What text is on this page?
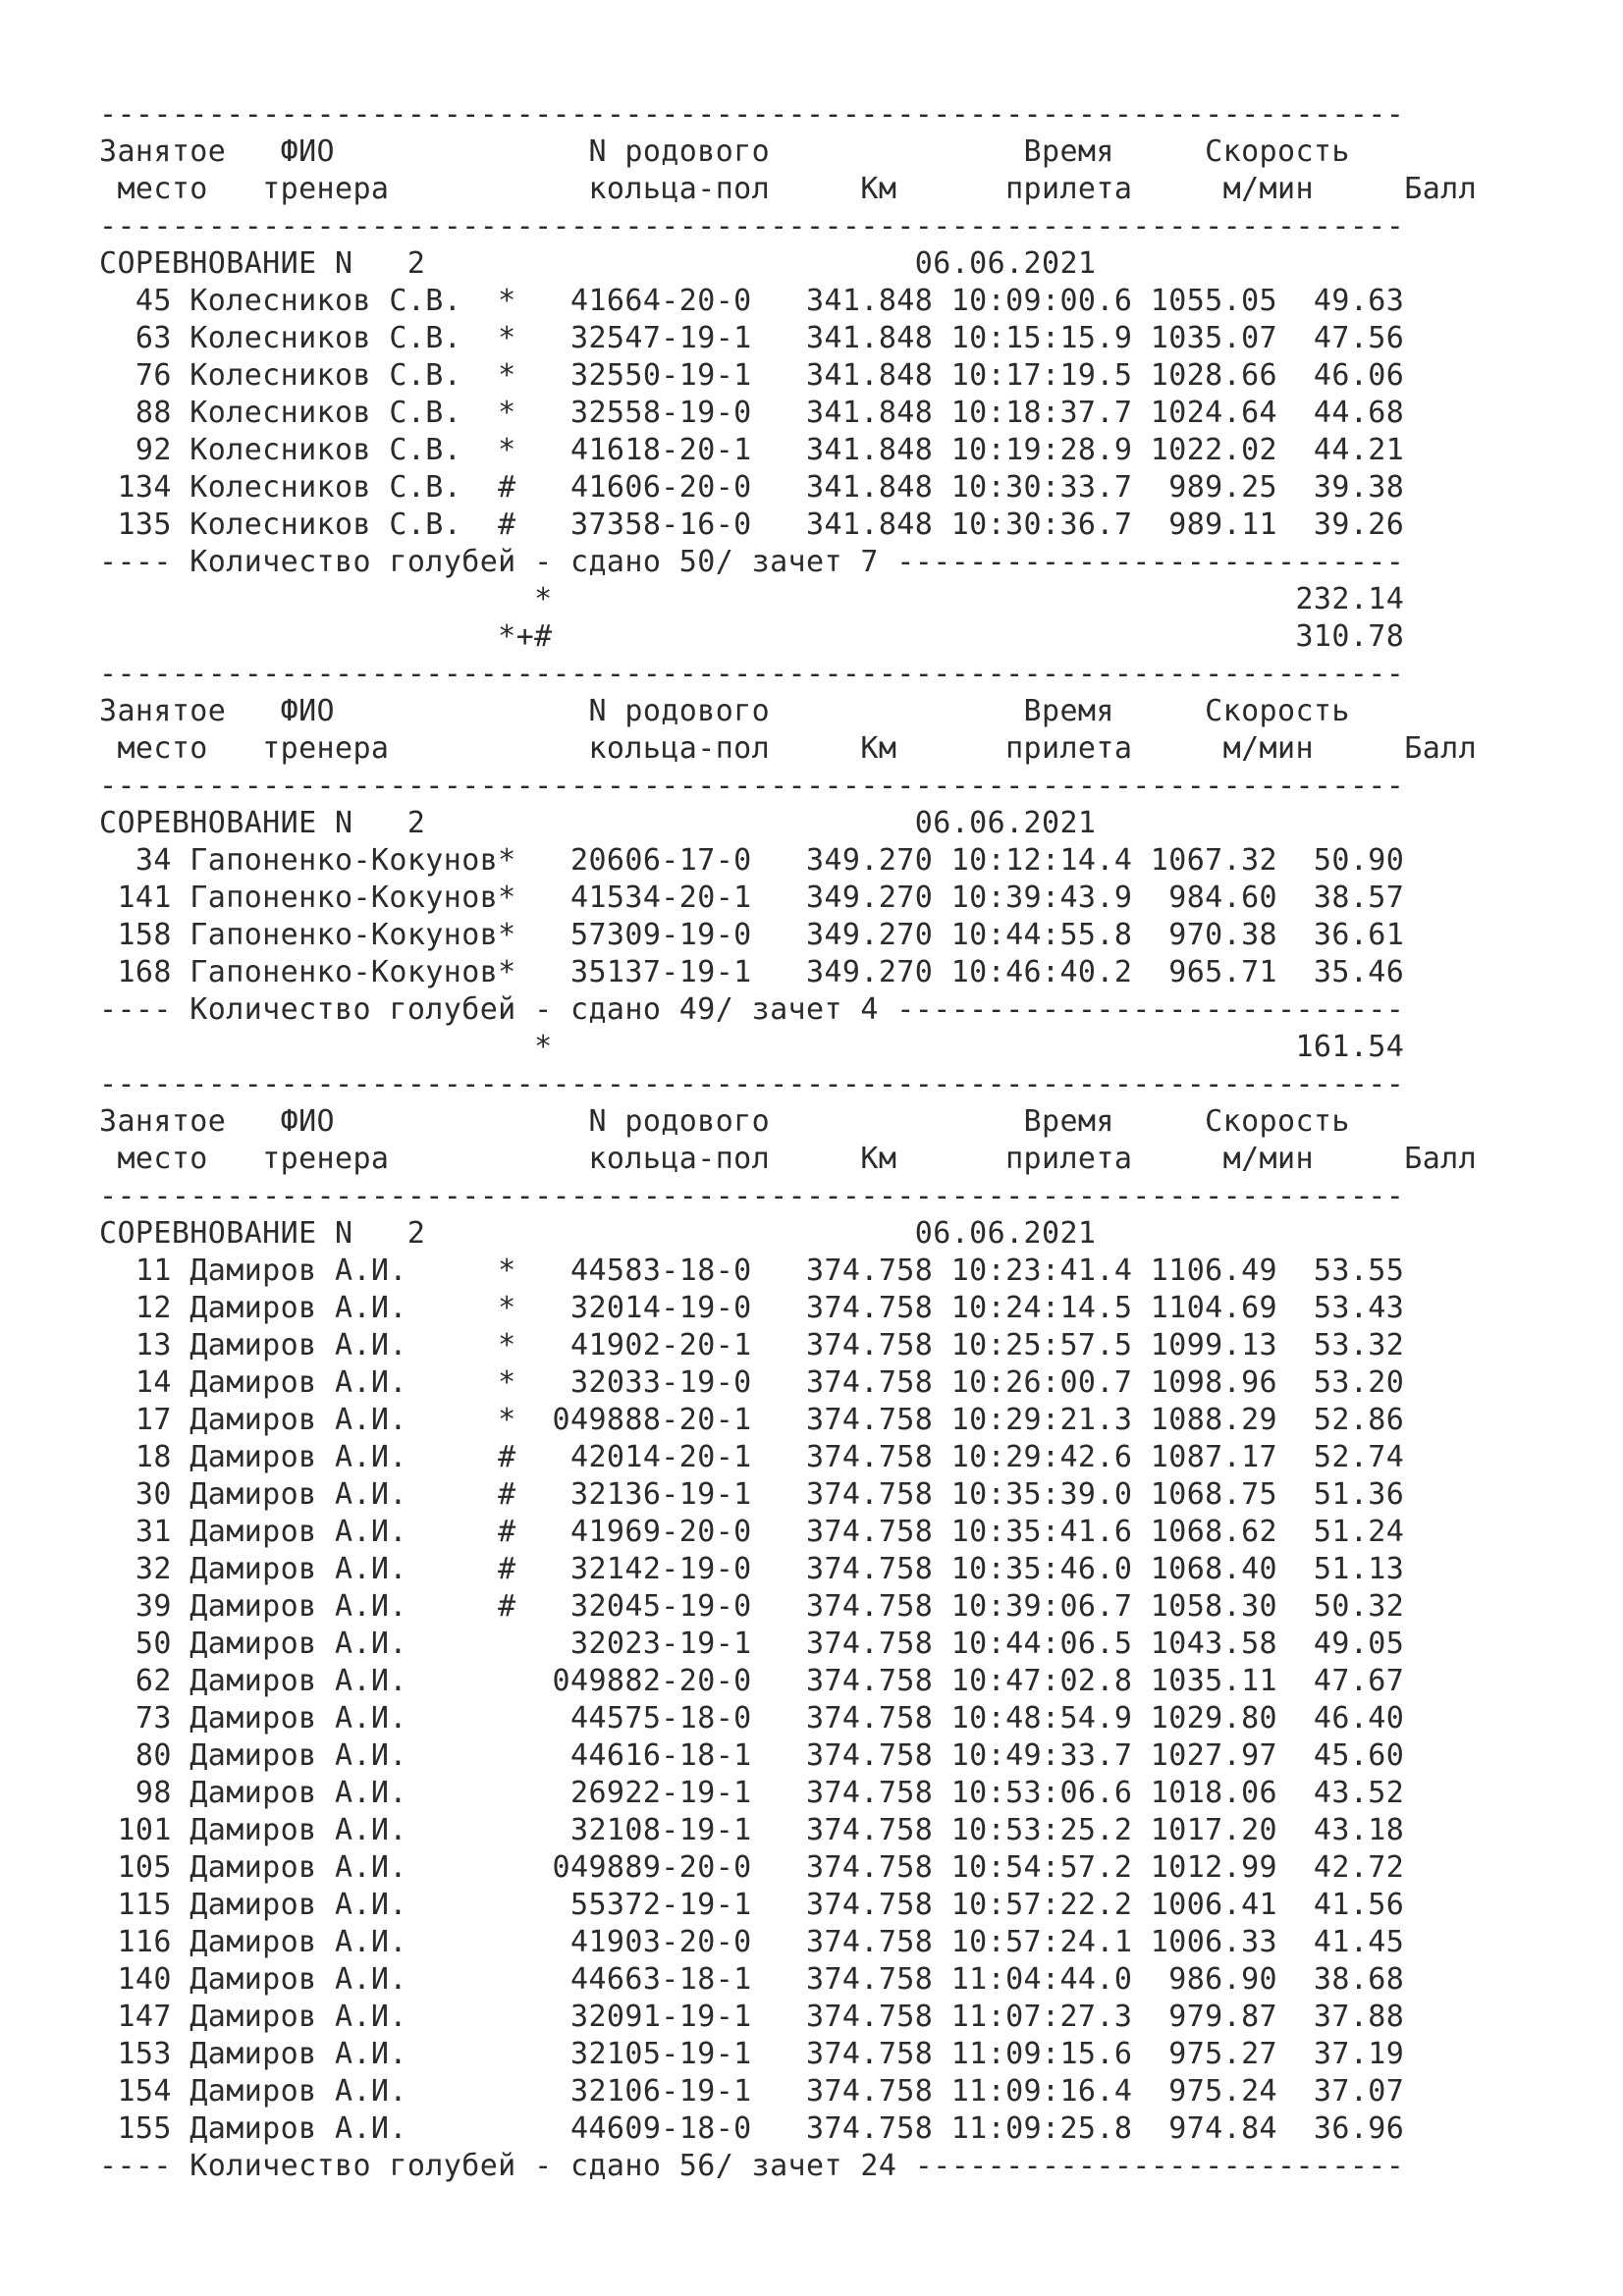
------------------------------------------------------------------------
Занятое   ФИО              N родового              Время     Скорость
место   тренера           кольца-пол     Км      прилета     м/мин     Балл
------------------------------------------------------------------------
СОРЕВНОВАНИЕ N   2                           06.06.2021
45 Колесников С.В.  *   41664-20-0   341.848 10:09:00.6 1055.05  49.63
63 Колесников С.В.  *   32547-19-1   341.848 10:15:15.9 1035.07  47.56
76 Колесников С.В.  *   32550-19-1   341.848 10:17:19.5 1028.66  46.06
88 Колесников С.В.  *   32558-19-0   341.848 10:18:37.7 1024.64  44.68
92 Колесников С.В.  *   41618-20-1   341.848 10:19:28.9 1022.02  44.21
134 Колесников С.В.  #   41606-20-0   341.848 10:30:33.7  989.25  39.38
135 Колесников С.В.  #   37358-16-0   341.848 10:30:36.7  989.11  39.26
---- Количество голубей - сдано 50/ зачет 7 ----------------------------
*                                         232.14
*+#                                         310.78
------------------------------------------------------------------------
Занятое   ФИО              N родового              Время     Скорость
место   тренера           кольца-пол     Км      прилета     м/мин     Балл
------------------------------------------------------------------------
СОРЕВНОВАНИЕ N   2                           06.06.2021
34 Гапоненко-Кокунов*   20606-17-0   349.270 10:12:14.4 1067.32  50.90
141 Гапоненко-Кокунов*   41534-20-1   349.270 10:39:43.9  984.60  38.57
158 Гапоненко-Кокунов*   57309-19-0   349.270 10:44:55.8  970.38  36.61
168 Гапоненко-Кокунов*   35137-19-1   349.270 10:46:40.2  965.71  35.46
---- Количество голубей - сдано 49/ зачет 4 ----------------------------
*                                         161.54
------------------------------------------------------------------------
Занятое   ФИО              N родового              Время     Скорость
место   тренера           кольца-пол     Км      прилета     м/мин     Балл
------------------------------------------------------------------------
СОРЕВНОВАНИЕ N   2                           06.06.2021
11 Дамиров А.И.     *   44583-18-0   374.758 10:23:41.4 1106.49  53.55
12 Дамиров А.И.     *   32014-19-0   374.758 10:24:14.5 1104.69  53.43
13 Дамиров А.И.     *   41902-20-1   374.758 10:25:57.5 1099.13  53.32
14 Дамиров А.И.     *   32033-19-0   374.758 10:26:00.7 1098.96  53.20
17 Дамиров А.И.     *  049888-20-1   374.758 10:29:21.3 1088.29  52.86
18 Дамиров А.И.     #   42014-20-1   374.758 10:29:42.6 1087.17  52.74
30 Дамиров А.И.     #   32136-19-1   374.758 10:35:39.0 1068.75  51.36
31 Дамиров А.И.     #   41969-20-0   374.758 10:35:41.6 1068.62  51.24
32 Дамиров А.И.     #   32142-19-0   374.758 10:35:46.0 1068.40  51.13
39 Дамиров А.И.     #   32045-19-0   374.758 10:39:06.7 1058.30  50.32
50 Дамиров А.И.         32023-19-1   374.758 10:44:06.5 1043.58  49.05
62 Дамиров А.И.        049882-20-0   374.758 10:47:02.8 1035.11  47.67
73 Дамиров А.И.         44575-18-0   374.758 10:48:54.9 1029.80  46.40
80 Дамиров А.И.         44616-18-1   374.758 10:49:33.7 1027.97  45.60
98 Дамиров А.И.         26922-19-1   374.758 10:53:06.6 1018.06  43.52
101 Дамиров А.И.         32108-19-1   374.758 10:53:25.2 1017.20  43.18
105 Дамиров А.И.        049889-20-0   374.758 10:54:57.2 1012.99  42.72
115 Дамиров А.И.         55372-19-1   374.758 10:57:22.2 1006.41  41.56
116 Дамиров А.И.         41903-20-0   374.758 10:57:24.1 1006.33  41.45
140 Дамиров А.И.         44663-18-1   374.758 11:04:44.0  986.90  38.68
147 Дамиров А.И.         32091-19-1   374.758 11:07:27.3  979.87  37.88
153 Дамиров А.И.         32105-19-1   374.758 11:09:15.6  975.27  37.19
154 Дамиров А.И.         32106-19-1   374.758 11:09:16.4  975.24  37.07
155 Дамиров А.И.         44609-18-0   374.758 11:09:25.8  974.84  36.96
---- Количество голубей - сдано 56/ зачет 24 ---------------------------
